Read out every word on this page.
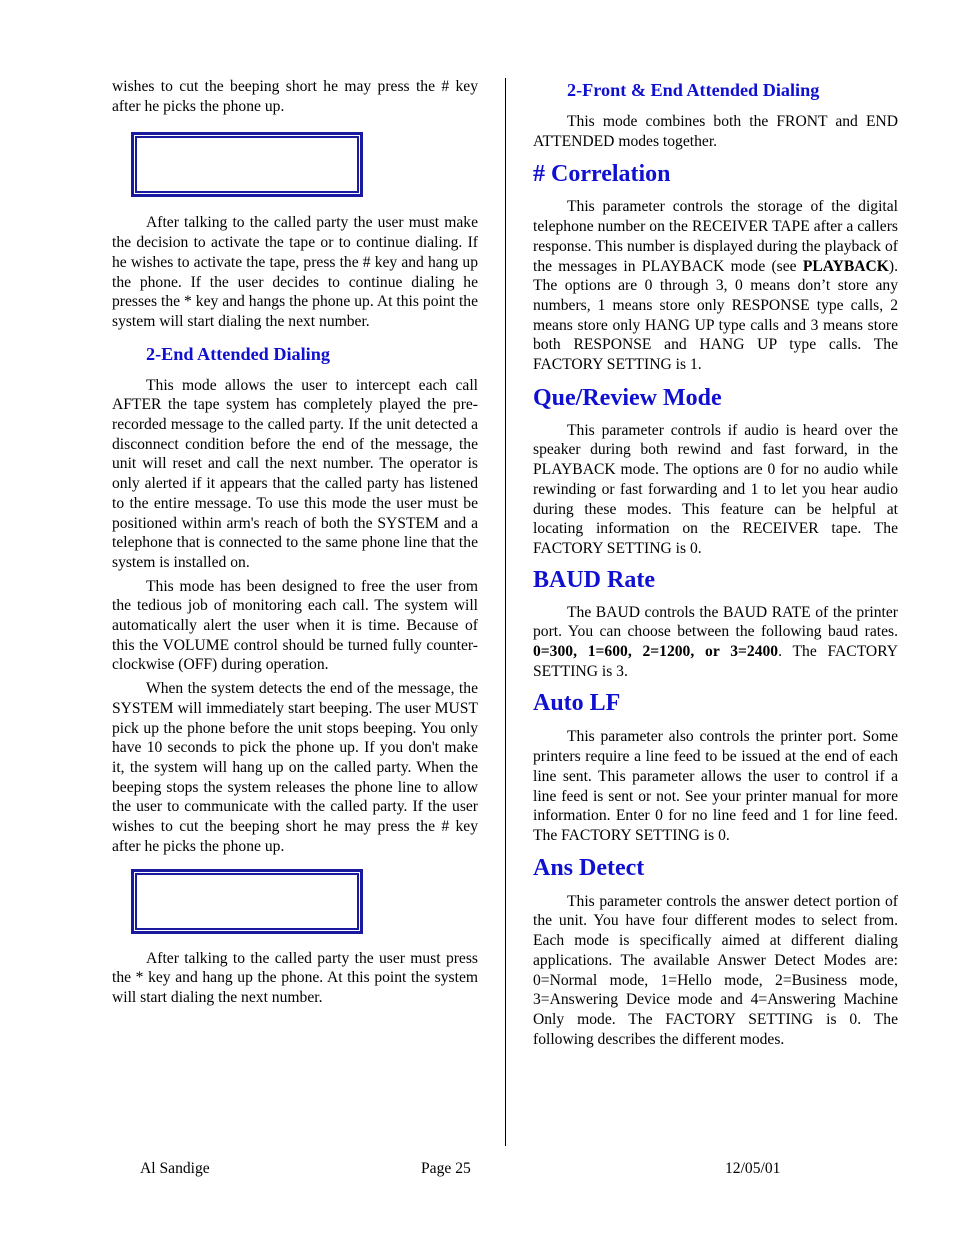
wishes to cut the beeping short he may press the # key after he picks the phone up.

After talking to the called party the user must make the decision to activate the tape or to continue dialing. If he wishes to activate the tape, press the # key and hang up the phone. If the user decides to continue dialing he presses the * key and hangs the phone up. At this point the system will start dialing the next number.

2-End Attended Dialing

This mode allows the user to intercept each call AFTER the tape system has completely played the pre-recorded message to the called party. If the unit detected a disconnect condition before the end of the message, the unit will reset and call the next number. The operator is only alerted if it appears that the called party has listened to the entire message. To use this mode the user must be positioned within arm's reach of both the SYSTEM and a telephone that is connected to the same phone line that the system is installed on.

This mode has been designed to free the user from the tedious job of monitoring each call. The system will automatically alert the user when it is time. Because of this the VOLUME control should be turned fully counter-clockwise (OFF) during operation.

When the system detects the end of the message, the SYSTEM will immediately start beeping. The user MUST pick up the phone before the unit stops beeping. You only have 10 seconds to pick the phone up. If you don't make it, the system will hang up on the called party. When the beeping stops the system releases the phone line to allow the user to communicate with the called party. If the user wishes to cut the beeping short he may press the # key after he picks the phone up.

After talking to the called party the user must press the * key and hang up the phone. At this point the system will start dialing the next number.

2-Front & End Attended Dialing

This mode combines both the FRONT and END ATTENDED modes together.

# Correlation

This parameter controls the storage of the digital telephone number on the RECEIVER TAPE after a callers response. This number is displayed during the playback of the messages in PLAYBACK mode (see PLAYBACK). The options are 0 through 3, 0 means don’t store any numbers, 1 means store only RESPONSE type calls, 2 means store only HANG UP type calls and 3 means store both RESPONSE and HANG UP type calls. The FACTORY SETTING is 1.

Que/Review Mode

This parameter controls if audio is heard over the speaker during both rewind and fast forward, in the PLAYBACK mode. The options are 0 for no audio while rewinding or fast forwarding and 1 to let you hear audio during these modes. This feature can be helpful at locating information on the RECEIVER tape. The FACTORY SETTING is 0.

BAUD Rate

The BAUD controls the BAUD RATE of the printer port. You can choose between the following baud rates. 0=300, 1=600, 2=1200, or 3=2400. The FACTORY SETTING is 3.

Auto LF

This parameter also controls the printer port. Some printers require a line feed to be issued at the end of each line sent. This parameter allows the user to control if a line feed is sent or not. See your printer manual for more information. Enter 0 for no line feed and 1 for line feed. The FACTORY SETTING is 0.

Ans Detect

This parameter controls the answer detect portion of the unit. You have four different modes to select from. Each mode is specifically aimed at different dialing applications. The available Answer Detect Modes are: 0=Normal mode, 1=Hello mode, 2=Business mode, 3=Answering Device mode and 4=Answering Machine Only mode. The FACTORY SETTING is 0. The following describes the different modes.

Al Sandige	Page 25	12/05/01
